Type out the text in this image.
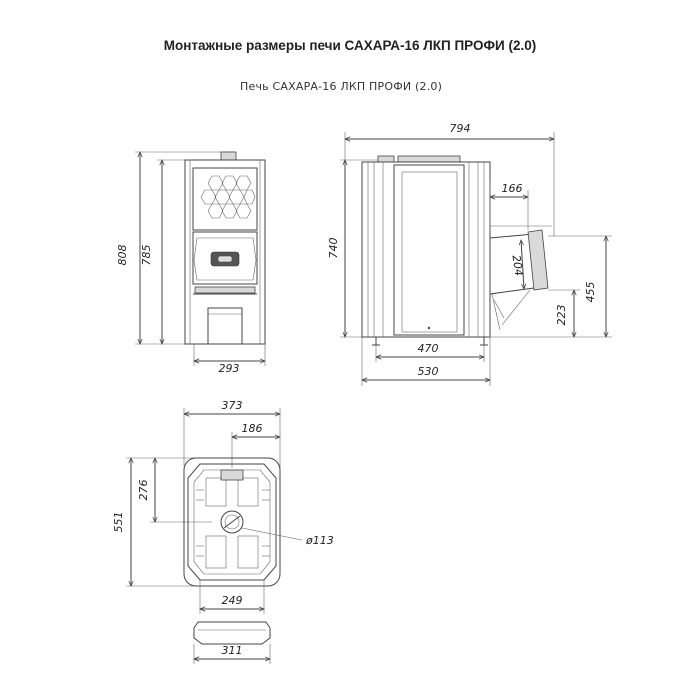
Монтажные размеры печи САХАРА-16 ЛКП ПРОФИ (2.0)
Печь САХАРА-16 ЛКП ПРОФИ (2.0)
808 785
293
794
740
166
204
455
223
470
530
373
186
551
276
ø113
249
311
